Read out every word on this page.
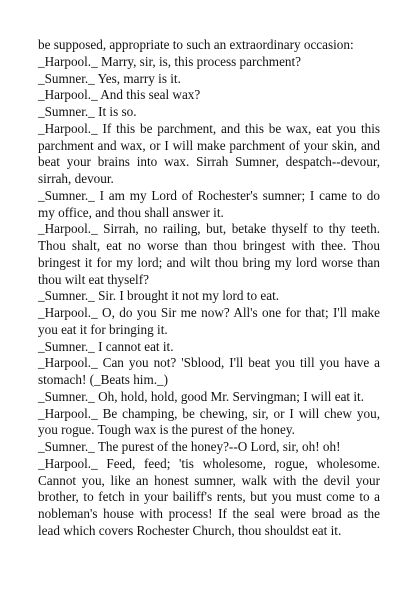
be supposed, appropriate to such an extraordinary occasion:
_Harpool._ Marry, sir, is, this process parchment?
_Sumner._ Yes, marry is it.
_Harpool._ And this seal wax?
_Sumner._ It is so.
_Harpool._ If this be parchment, and this be wax, eat you this parchment and wax, or I will make parchment of your skin, and beat your brains into wax. Sirrah Sumner, despatch--devour, sirrah, devour.
_Sumner._ I am my Lord of Rochester's sumner; I came to do my office, and thou shall answer it.
_Harpool._ Sirrah, no railing, but, betake thyself to thy teeth. Thou shalt, eat no worse than thou bringest with thee. Thou bringest it for my lord; and wilt thou bring my lord worse than thou wilt eat thyself?
_Sumner._ Sir. I brought it not my lord to eat.
_Harpool._ O, do you Sir me now? All's one for that; I'll make you eat it for bringing it.
_Sumner._ I cannot eat it.
_Harpool._ Can you not? 'Sblood, I'll beat you till you have a stomach! (_Beats him._)
_Sumner._ Oh, hold, hold, good Mr. Servingman; I will eat it.
_Harpool._ Be champing, be chewing, sir, or I will chew you, you rogue. Tough wax is the purest of the honey.
_Sumner._ The purest of the honey?--O Lord, sir, oh! oh!
_Harpool._ Feed, feed; 'tis wholesome, rogue, wholesome. Cannot you, like an honest sumner, walk with the devil your brother, to fetch in your bailiff's rents, but you must come to a nobleman's house with process! If the seal were broad as the lead which covers Rochester Church, thou shouldst eat it.
